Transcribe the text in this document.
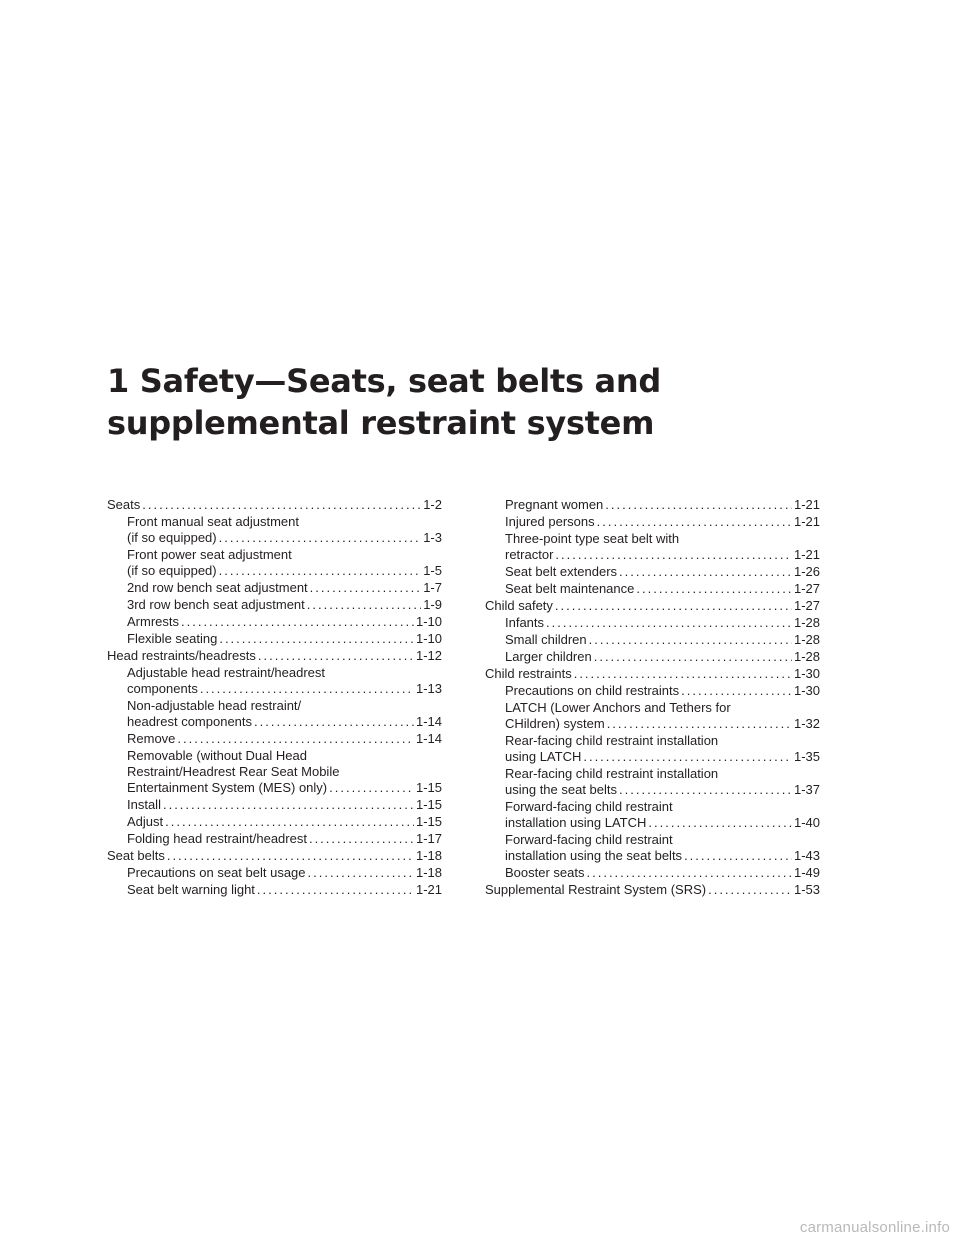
1 Safety—Seats, seat belts and
supplemental restraint system
Seats .....	1-2
Front manual seat adjustment
(if so equipped) .....	1-3
Front power seat adjustment
(if so equipped) .....	1-5
2nd row bench seat adjustment .....	1-7
3rd row bench seat adjustment .....	1-9
Armrests .....	1-10
Flexible seating .....	1-10
Head restraints/headrests .....	1-12
Adjustable head restraint/headrest
components .....	1-13
Non-adjustable head restraint/
headrest components .....	1-14
Remove .....	1-14
Removable (without Dual Head
Restraint/Headrest Rear Seat Mobile
Entertainment System (MES) only) .....	1-15
Install .....	1-15
Adjust .....	1-15
Folding head restraint/headrest .....	1-17
Seat belts .....	1-18
Precautions on seat belt usage .....	1-18
Seat belt warning light .....	1-21
Pregnant women .....	1-21
Injured persons .....	1-21
Three-point type seat belt with
retractor .....	1-21
Seat belt extenders .....	1-26
Seat belt maintenance .....	1-27
Child safety .....	1-27
Infants .....	1-28
Small children .....	1-28
Larger children .....	1-28
Child restraints .....	1-30
Precautions on child restraints .....	1-30
LATCH (Lower Anchors and Tethers for
CHildren) system .....	1-32
Rear-facing child restraint installation
using LATCH .....	1-35
Rear-facing child restraint installation
using the seat belts .....	1-37
Forward-facing child restraint
installation using LATCH .....	1-40
Forward-facing child restraint
installation using the seat belts .....	1-43
Booster seats .....	1-49
Supplemental Restraint System (SRS) .....	1-53
carmanualsonline.info
